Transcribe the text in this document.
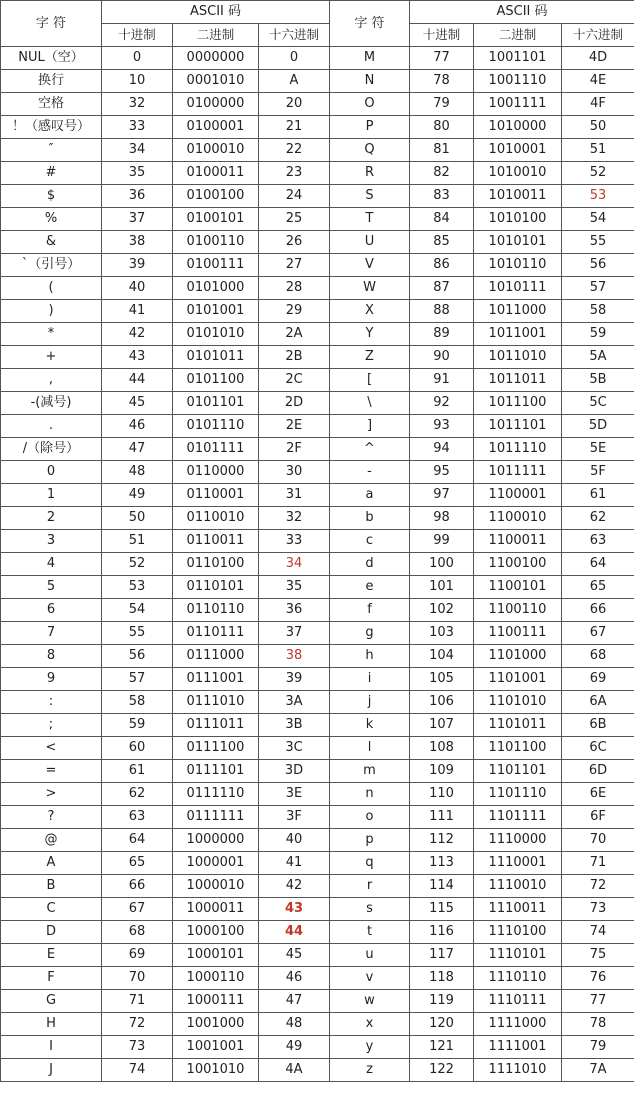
字 符	ASCII 码			字 符	ASCII 码		
	十进制	二进制	十六进制		十进制	二进制	十六进制
NUL（空）	0	0000000	0	M	77	1001101	4D
换行	10	0001010	A	N	78	1001110	4E
空格	32	0100000	20	O	79	1001111	4F
！（感叹号）	33	0100001	21	P	80	1010000	50
″	34	0100010	22	Q	81	1010001	51
#	35	0100011	23	R	82	1010010	52
$	36	0100100	24	S	83	1010011	53
%	37	0100101	25	T	84	1010100	54
&	38	0100110	26	U	85	1010101	55
`（引号）	39	0100111	27	V	86	1010110	56
(	40	0101000	28	W	87	1010111	57
)	41	0101001	29	X	88	1011000	58
*	42	0101010	2A	Y	89	1011001	59
+	43	0101011	2B	Z	90	1011010	5A
,	44	0101100	2C	[	91	1011011	5B
-(减号)	45	0101101	2D	\	92	1011100	5C
.	46	0101110	2E	]	93	1011101	5D
/（除号）	47	0101111	2F	^	94	1011110	5E
0	48	0110000	30	-	95	1011111	5F
1	49	0110001	31	a	97	1100001	61
2	50	0110010	32	b	98	1100010	62
3	51	0110011	33	c	99	1100011	63
4	52	0110100	34	d	100	1100100	64
5	53	0110101	35	e	101	1100101	65
6	54	0110110	36	f	102	1100110	66
7	55	0110111	37	g	103	1100111	67
8	56	0111000	38	h	104	1101000	68
9	57	0111001	39	i	105	1101001	69
:	58	0111010	3A	j	106	1101010	6A
;	59	0111011	3B	k	107	1101011	6B
<	60	0111100	3C	l	108	1101100	6C
=	61	0111101	3D	m	109	1101101	6D
>	62	0111110	3E	n	110	1101110	6E
?	63	0111111	3F	o	111	1101111	6F
@	64	1000000	40	p	112	1110000	70
A	65	1000001	41	q	113	1110001	71
B	66	1000010	42	r	114	1110010	72
C	67	1000011	43	s	115	1110011	73
D	68	1000100	44	t	116	1110100	74
E	69	1000101	45	u	117	1110101	75
F	70	1000110	46	v	118	1110110	76
G	71	1000111	47	w	119	1110111	77
H	72	1001000	48	x	120	1111000	78
I	73	1001001	49	y	121	1111001	79
J	74	1001010	4A	z	122	1111010	7A
